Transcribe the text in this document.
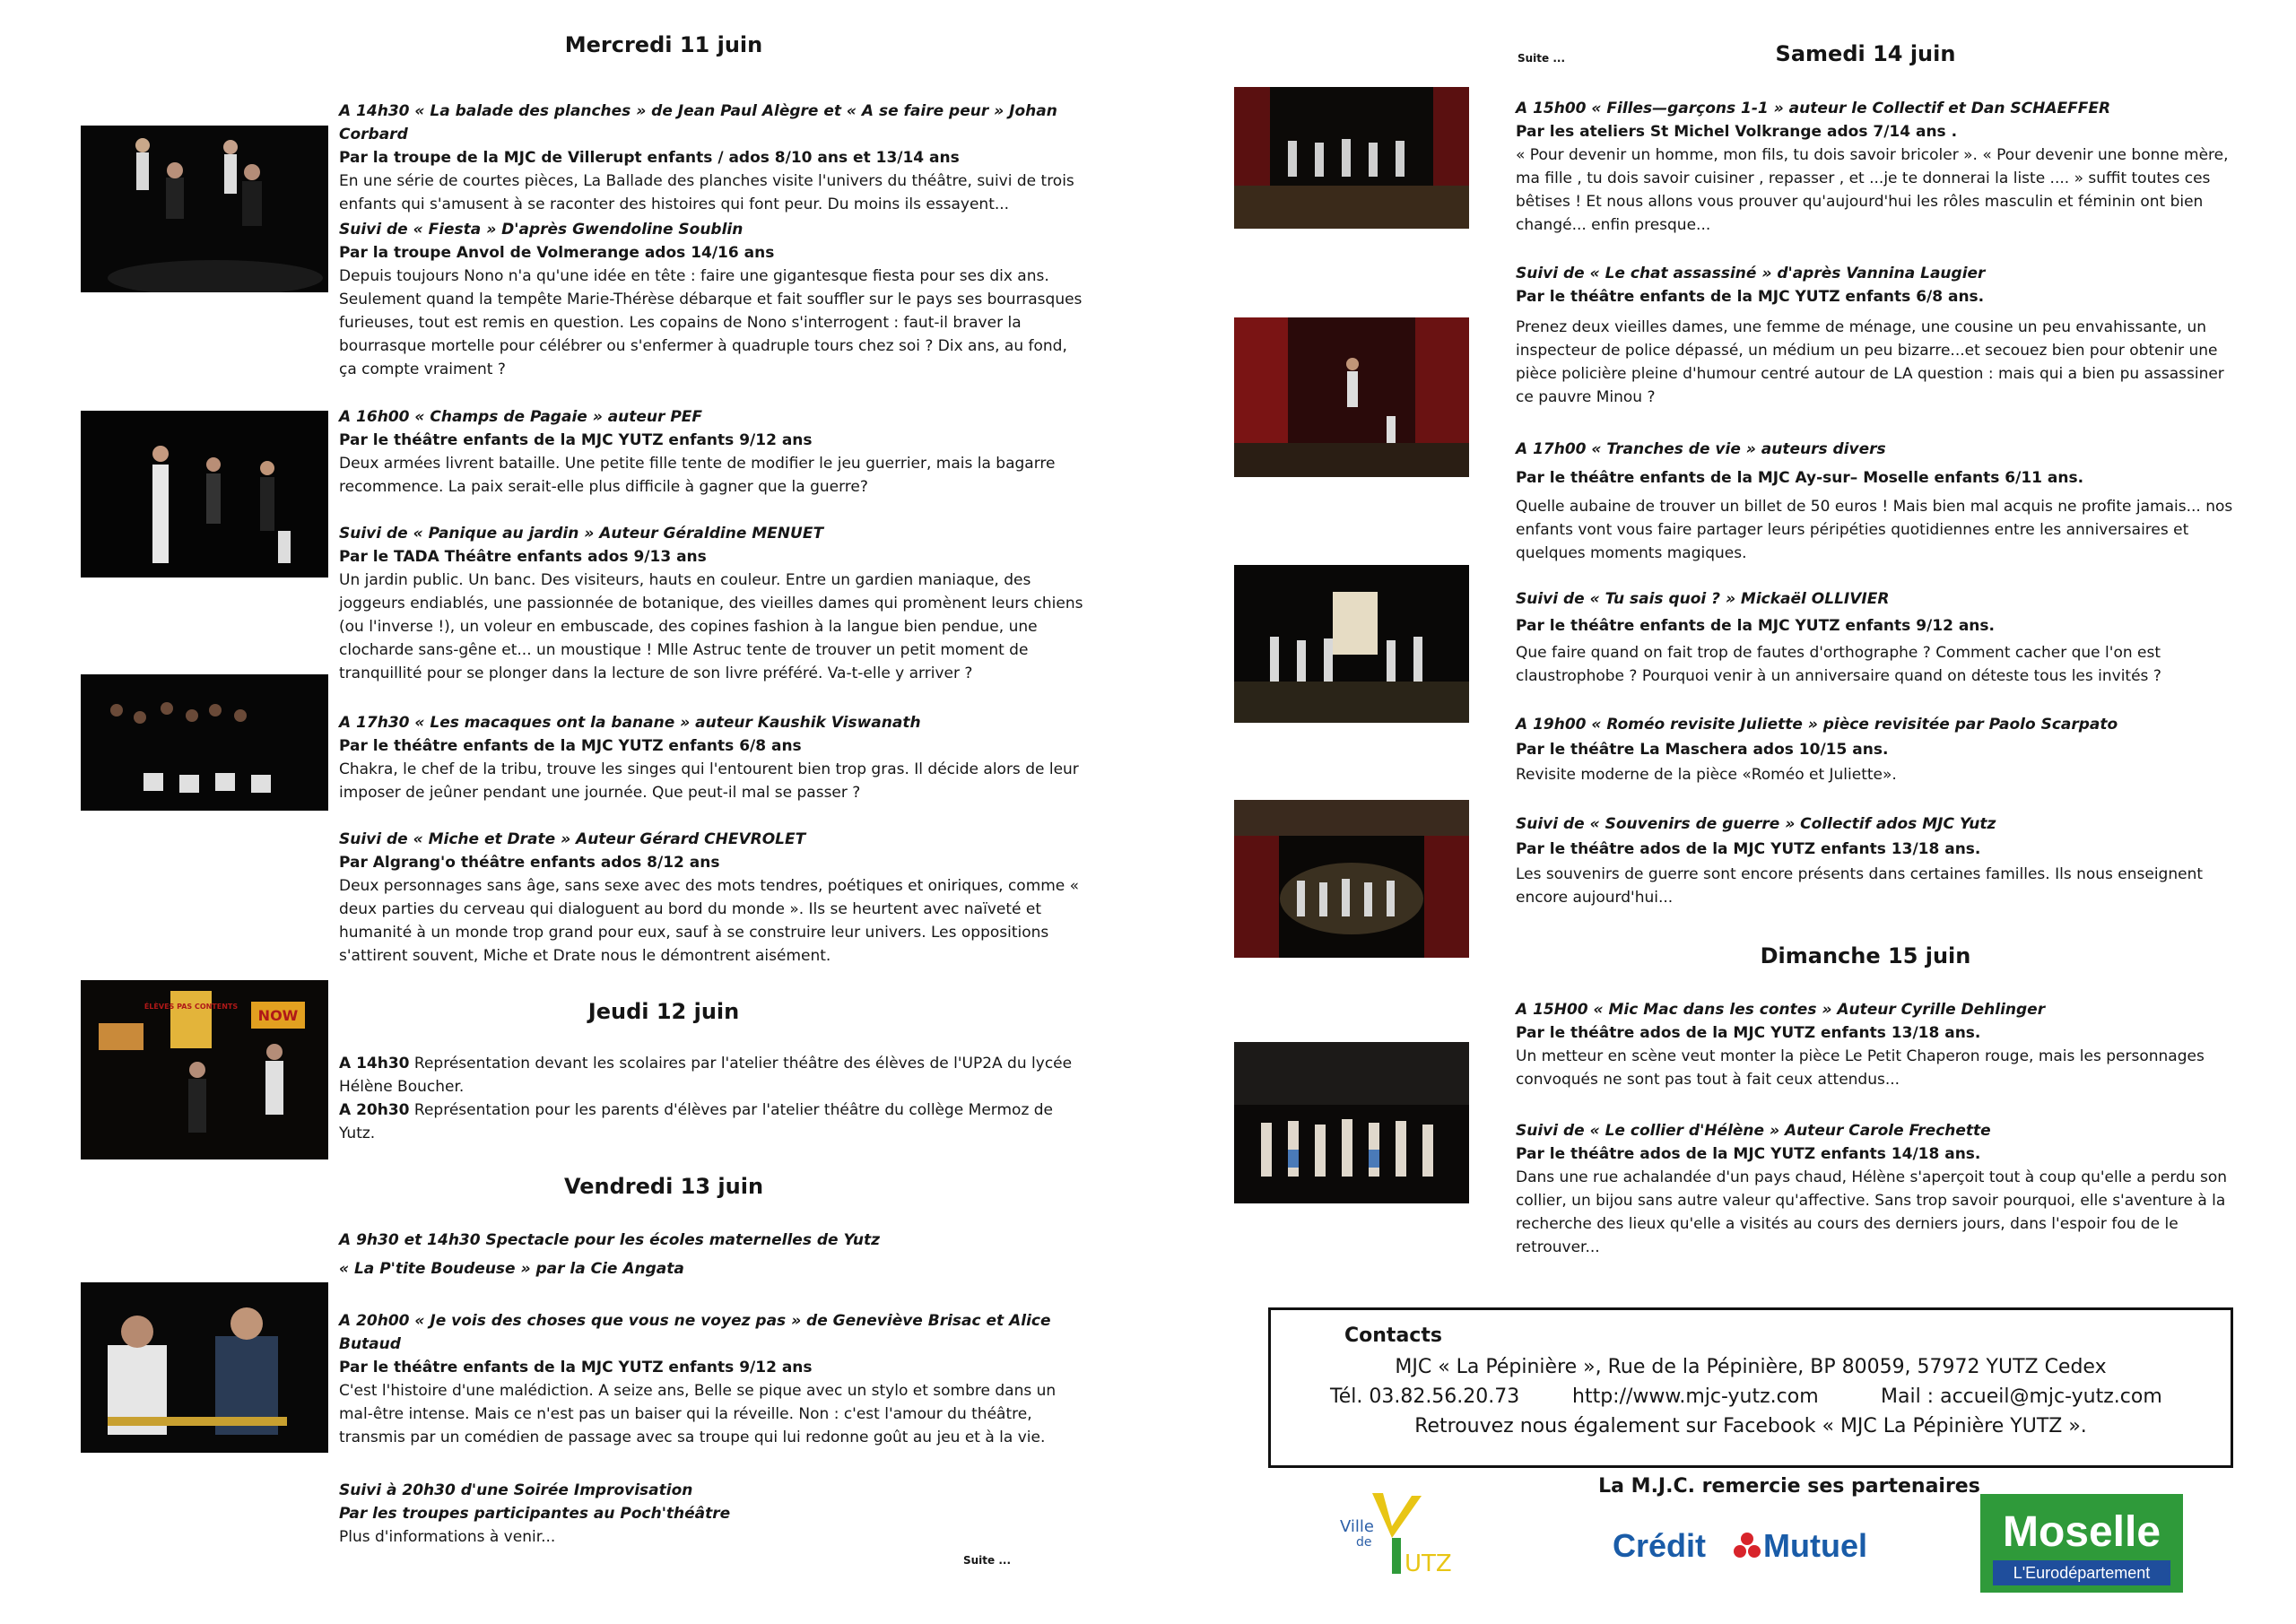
Mercredi 11 juin
A 14h30 « La balade des planches » de Jean Paul Alègre et « A se faire peur » Johan Corbard
Par la troupe de la MJC de Villerupt enfants / ados 8/10 ans et 13/14 ans
En une série de courtes pièces, La Ballade des planches visite l'univers du théâtre, suivi de trois enfants qui s'amusent à se raconter des histoires qui font peur. Du moins ils essayent...
Suivi de « Fiesta » D'après Gwendoline Soublin
Par la troupe Anvol de Volmerange ados 14/16 ans
Depuis toujours Nono n'a qu'une idée en tête : faire une gigantesque fiesta pour ses dix ans. Seulement quand la tempête Marie-Thérèse débarque et fait souffler sur le pays ses bourrasques furieuses, tout est remis en question. Les copains de Nono s'interrogent : faut-il braver la bourrasque mortelle pour célébrer ou s'enfermer à quadruple tours chez soi ? Dix ans, au fond, ça compte vraiment ?
A 16h00 « Champs de Pagaie » auteur PEF
Par le théâtre enfants de la MJC YUTZ enfants 9/12 ans
Deux armées livrent bataille. Une petite fille tente de modifier le jeu guerrier, mais la bagarre recommence. La paix serait-elle plus difficile à gagner que la guerre?
Suivi de « Panique au jardin » Auteur Géraldine MENUET
Par le TADA Théâtre enfants ados 9/13 ans
Un jardin public. Un banc. Des visiteurs, hauts en couleur. Entre un gardien maniaque, des joggeurs endiablés, une passionnée de botanique, des vieilles dames qui promènent leurs chiens (ou l'inverse !), un voleur en embuscade, des copines fashion à la langue bien pendue, une clocharde sans-gêne et... un moustique ! Mlle Astruc tente de trouver un petit moment de tranquillité pour se plonger dans la lecture de son livre préféré. Va-t-elle y arriver ?
A 17h30 « Les macaques ont la banane » auteur Kaushik Viswanath
Par le théâtre enfants de la MJC YUTZ enfants 6/8 ans
Chakra, le chef de la tribu, trouve les singes qui l'entourent bien trop gras. Il décide alors de leur imposer de jeûner pendant une journée. Que peut-il mal se passer ?
Suivi de « Miche et Drate » Auteur Gérard CHEVROLET
Par Algrang'o théâtre enfants ados 8/12 ans
Deux personnages sans âge, sans sexe avec des mots tendres, poétiques et oniriques, comme « deux parties du cerveau qui dialoguent au bord du monde ». Ils se heurtent avec naïveté et humanité à un monde trop grand pour eux, sauf à se construire leur univers. Les oppositions s'attirent souvent, Miche et Drate nous le démontrent aisément.
ÉLÈVES PAS CONTENTS
NOW	Jeudi 12 juin
A 14h30 Représentation devant les scolaires par l'atelier théâtre des élèves de l'UP2A du lycée Hélène Boucher.
A 20h30 Représentation pour les parents d'élèves par l'atelier théâtre du collège Mermoz de Yutz.
Vendredi 13 juin
A 9h30 et 14h30 Spectacle pour les écoles maternelles de Yutz
« La P'tite Boudeuse » par la Cie Angata
A 20h00 « Je vois des choses que vous ne voyez pas » de Geneviève Brisac et Alice Butaud
Par le théâtre enfants de la MJC YUTZ enfants 9/12 ans
C'est l'histoire d'une malédiction. A seize ans, Belle se pique avec un stylo et sombre dans un mal-être intense. Mais ce n'est pas un baiser qui la réveille. Non : c'est l'amour du théâtre, transmis par un comédien de passage avec sa troupe qui lui redonne goût au jeu et à la vie.
Suivi à 20h30 d'une Soirée Improvisation
Par les troupes participantes au Poch'théâtre
Plus d'informations à venir...
Suite ...
Suite ...	Samedi 14 juin
A 15h00 « Filles—garçons 1-1 » auteur le Collectif et Dan SCHAEFFER
Par les ateliers St Michel Volkrange ados 7/14 ans .
« Pour devenir un homme, mon fils, tu dois savoir bricoler ». « Pour devenir une bonne mère, ma fille , tu dois savoir cuisiner , repasser , et ...je te donnerai la liste .... » suffit toutes ces bêtises ! Et nous allons vous prouver qu'aujourd'hui les rôles masculin et féminin ont bien changé... enfin presque...
Suivi de « Le chat assassiné » d'après Vannina Laugier
Par le théâtre enfants de la MJC YUTZ enfants 6/8 ans.
Prenez deux vieilles dames, une femme de ménage, une cousine un peu envahissante, un inspecteur de police dépassé, un médium un peu bizarre...et secouez bien pour obtenir une pièce policière pleine d'humour centré autour de LA question : mais qui a bien pu assassiner ce pauvre Minou ?
A 17h00 « Tranches de vie » auteurs divers
Par le théâtre enfants de la MJC Ay-sur– Moselle enfants 6/11 ans.
Quelle aubaine de trouver un billet de 50 euros ! Mais bien mal acquis ne profite jamais... nos enfants vont vous faire partager leurs péripéties quotidiennes entre les anniversaires et quelques moments magiques.
Suivi de « Tu sais quoi ? » Mickaël OLLIVIER
Par le théâtre enfants de la MJC YUTZ enfants 9/12 ans.
Que faire quand on fait trop de fautes d'orthographe ? Comment cacher que l'on est claustrophobe ? Pourquoi venir à un anniversaire quand on déteste tous les invités ?
A 19h00 « Roméo revisite Juliette » pièce revisitée par Paolo Scarpato
Par le théâtre La Maschera ados 10/15 ans.
Revisite moderne de la pièce «Roméo et Juliette».
Suivi de « Souvenirs de guerre » Collectif ados MJC Yutz
Par le théâtre ados de la MJC YUTZ enfants 13/18 ans.
Les souvenirs de guerre sont encore présents dans certaines familles. Ils nous enseignent encore aujourd'hui...
Dimanche 15 juin
A 15H00 « Mic Mac dans les contes » Auteur Cyrille Dehlinger
Par le théâtre ados de la MJC YUTZ enfants 13/18 ans.
Un metteur en scène veut monter la pièce Le Petit Chaperon rouge, mais les personnages convoqués ne sont pas tout à fait ceux attendus...
Suivi de « Le collier d'Hélène » Auteur Carole Frechette
Par le théâtre ados de la MJC YUTZ enfants 14/18 ans.
Dans une rue achalandée d'un pays chaud, Hélène s'aperçoit tout à coup qu'elle a perdu son collier, un bijou sans autre valeur qu'affective. Sans trop savoir pourquoi, elle s'aventure à la recherche des lieux qu'elle a visités au cours des derniers jours, dans l'espoir fou de le retrouver...
Contacts
MJC « La Pépinière », Rue de la Pépinière, BP 80059, 57972 YUTZ Cedex
Tél. 03.82.56.20.73	http://www.mjc-yutz.com	Mail : accueil@mjc-yutz.com
Retrouvez nous également sur Facebook « MJC La Pépinière YUTZ ».
La M.J.C. remercie ses partenaires
Ville
de
UTZ	Crédit Mutuel	Moselle
L'Eurodépartement
